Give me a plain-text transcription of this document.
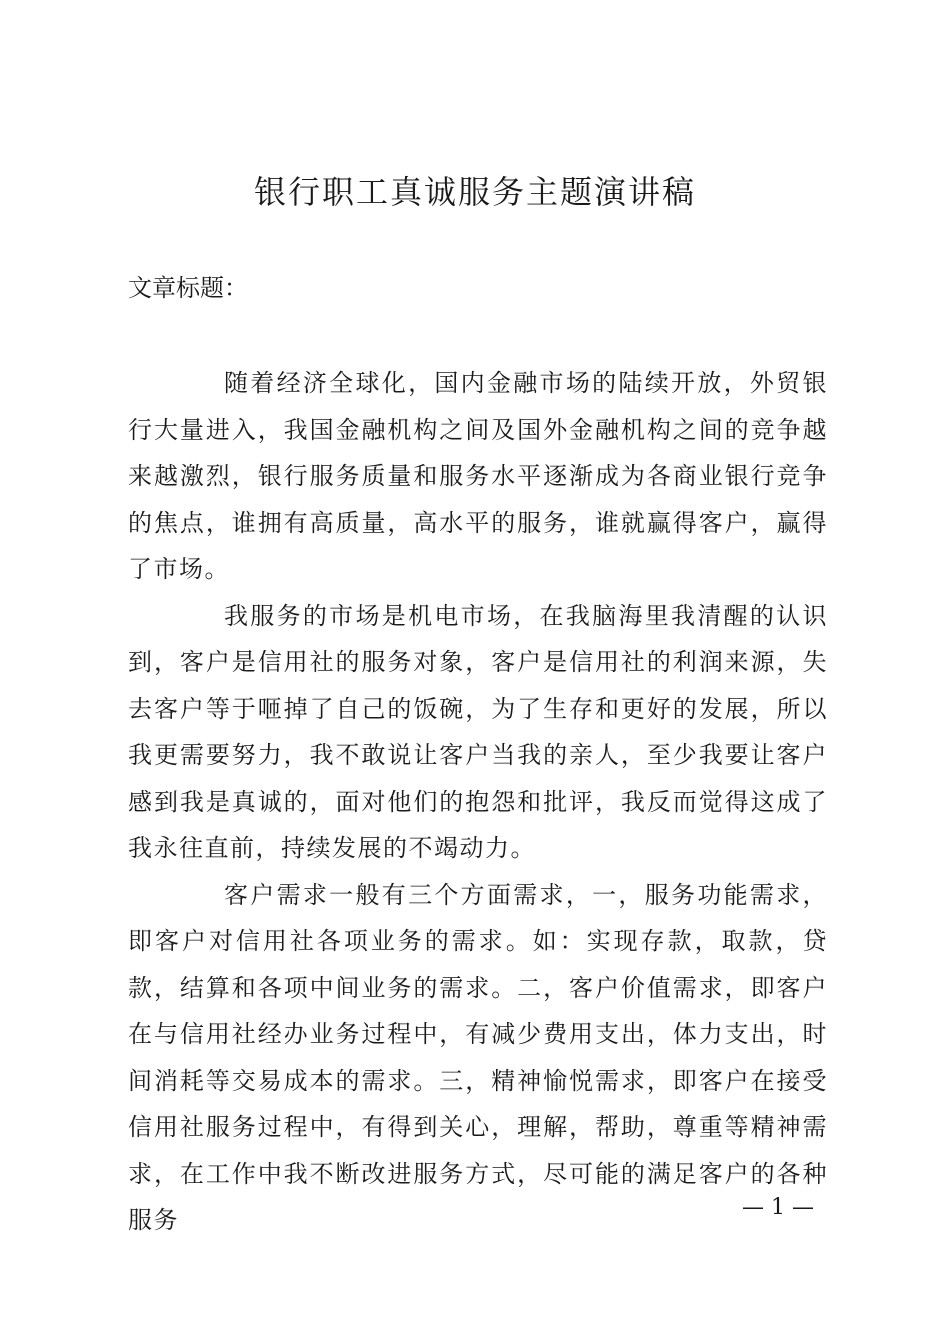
银行职工真诚服务主题演讲稿

文章标题：

随着经济全球化，国内金融市场的陆续开放，外贸银行大量进入，我国金融机构之间及国外金融机构之间的竞争越来越激烈，银行服务质量和服务水平逐渐成为各商业银行竞争的焦点，谁拥有高质量，高水平的服务，谁就赢得客户，赢得了市场。

我服务的市场是机电市场，在我脑海里我清醒的认识到，客户是信用社的服务对象，客户是信用社的利润来源，失去客户等于咂掉了自己的饭碗，为了生存和更好的发展，所以我更需要努力，我不敢说让客户当我的亲人，至少我要让客户感到我是真诚的，面对他们的抱怨和批评，我反而觉得这成了我永往直前，持续发展的不竭动力。

客户需求一般有三个方面需求，一，服务功能需求，即客户对信用社各项业务的需求。如：实现存款，取款，贷款，结算和各项中间业务的需求。二，客户价值需求，即客户在与信用社经办业务过程中，有减少费用支出，体力支出，时间消耗等交易成本的需求。三，精神愉悦需求，即客户在接受信用社服务过程中，有得到关心，理解，帮助，尊重等精神需求，在工作中我不断改进服务方式，尽可能的满足客户的各种服务	— 1 —
